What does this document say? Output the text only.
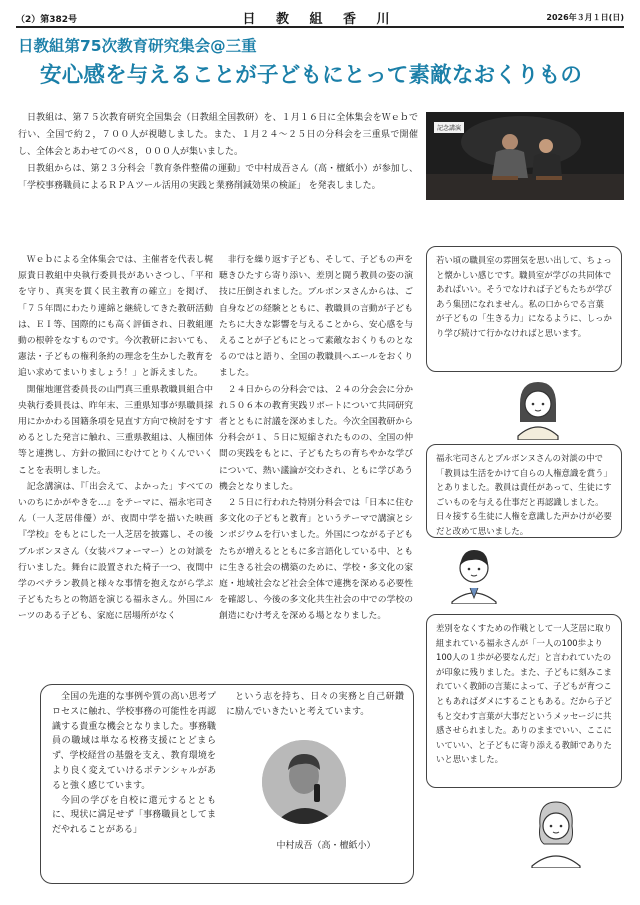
（2）第382号	日 教 組 香 川	2026年３月１日(日)
日教組第75次教育研究集会@三重
安心感を与えることが子どもにとって素敵なおくりもの

日教組は、第７５次教育研究全国集会（日教組全国教研）を、１月１６日に全体集会をＷｅｂで行い、全国で約２，７００人が視聴しました。また、１月２４～２５日の分科会を三重県で開催し、全体会とあわせてのべ８，０００人が集いました。

日教組からは、第２３分科会「教育条件整備の運動」で中村成吾さん（高・檀紙小）が参加し、「学校事務職員によるＲＰＡツール活用の実践と業務削減効果の検証」 を発表しました。

記念講演

Ｗｅｂによる全体集会では、主催者を代表し梶原貴日教組中央執行委員長があいさつし、「平和を守り、真実を貫く民主教育の確立」を掲げ、「７５年間にわたり連綿と継続してきた教研活動は、ＥＩ等、国際的にも高く評価され、日教組運動の根幹をなすものです。今次教研においても、憲法・子どもの権利条約の理念を生かした教育を追い求めてまいりましょう！」と訴えました。

開催地運営委員長の山門真三重県教職員組合中央執行委員長は、昨年末、三重県知事が県職員採用にかかわる国籍条項を見直す方向で検討をすすめるとした発言に触れ、三重県教組は、人権団体等と連携し、方針の撤回にむけてとりくんでいくことを表明しました。

記念講演は、『「出会えて、よかった」すべてのいのちにかがやきを…』をテーマに、福永宅司さん（一人芝居俳優）が、夜間中学を描いた映画『学校』をもとにした一人芝居を披露し、その後ブルボンヌさん（女装パフォーマー）との対談を行いました。舞台に設置された椅子一つ、夜間中学のベテラン教員と様々な事情を抱えながら学ぶ子どもたちとの物語を演じる福永さん。外国にルーツのある子ども、家庭に居場所がなく

非行を繰り返す子ども、そして、子どもの声を聴きひたすら寄り添い、差別と闘う教員の姿の演技に圧倒されました。ブルボンヌさんからは、ご自身などの経験とともに、教職員の言動が子どもたちに大きな影響を与えることから、安心感を与えることが子どもにとって素敵なおくりものとなるのではと語り、全国の教職員へエールをおくりました。

２４日からの分科会では、２４の分会会に分かれ５０６本の教育実践リポートについて共同研究者とともに討議を深めました。今次全国教研から分科会が１、５日に短縮されたものの、全国の仲間の実践をもとに、子どもたちの育ちやかな学びについて、熱い議論が交わされ、ともに学びあう機会となりました。

２５日に行われた特別分科会では「日本に住む多文化の子どもと教育」というテーマで講演とシンポジウムを行いました。外国につながる子どもたちが増えるとともに多言語化している中、ともに生きる社会の構築のために、学校・多文化の家庭・地域社会など社会全体で連携を深める必要性を確認し、今後の多文化共生社会の中での学校の創造にむけ考えを深める場となりました。

若い頃の職員室の雰囲気を思い出して、ちょっと懐かしい感じです。職員室が学びの共同体であればいい。そうでなければ子どもたちが学びあう集団になれません。私の口からでる言葉が子どもの「生きる力」になるように、しっかり学び続けて行かなければと思います。
福永宅司さんとブルボンヌさんの対談の中で「教員は生活をかけて自らの人権意識を賞う」とありました。教員は責任があって、生徒にすごいものを与える仕事だと再認識しました。日々接する生徒に人権を意識した声かけが必要だと改めて思いました。
差別をなくすための作戦として一人芝居に取り組まれている福永さんが「一人の100歩より100人の１歩が必要なんだ」と言われていたのが印象に残りました。また、子どもに刻みこまれていく教師の言葉によって、子どもが育つこともあればダメにすることもある。だから子どもと交わす言葉が大事だというメッセージに共感させられました。ありのままでいい、ここにいていい、と子どもに寄り添える教師でありたいと思いました。

全国の先進的な事例や質の高い思考プロセスに触れ、学校事務の可能性を再認識する貴重な機会となりました。事務職員の職域は単なる校務支援にとどまらず、学校経営の基盤を支え、教育環境をより良く変えていけるポテンシャルがあると強く感じています。

今回の学びを自校に還元するとともに、現状に満足せず「事務職員としてまだやれることがある」

という志を持ち、日々の実務と自己研鑽に励んでいきたいと考えています。

中村成吾（高・檀紙小）
